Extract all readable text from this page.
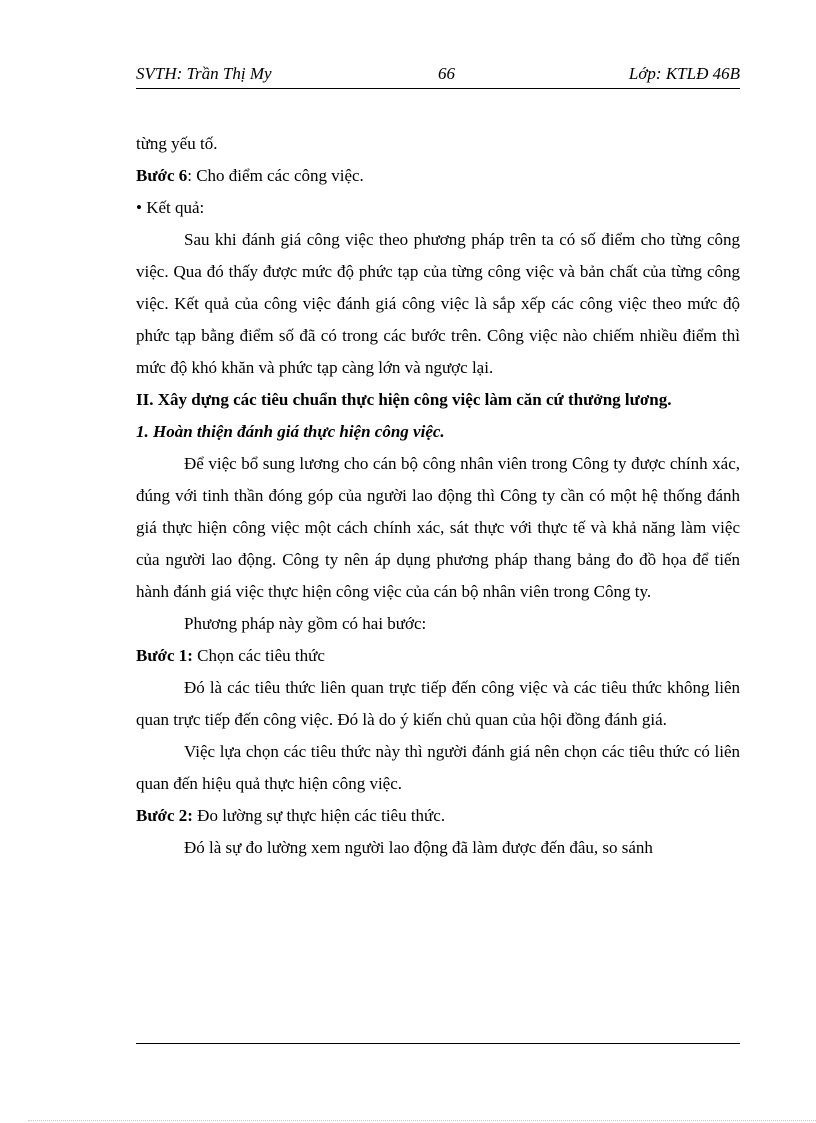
SVTH: Trần Thị My	66	Lớp: KTLĐ 46B

từng yếu tố.

Bước 6: Cho điểm các công việc.

• Kết quả:

Sau khi đánh giá công việc theo phương pháp trên ta có số điểm cho từng công việc. Qua đó thấy được mức độ phức tạp của từng công việc và bản chất của từng công việc. Kết quả của công việc đánh giá công việc là sắp xếp các công việc theo mức độ phức tạp bằng điểm số đã có trong các bước trên. Công việc nào chiếm nhiều điểm thì mức độ khó khăn và phức tạp càng lớn và ngược lại.

II. Xây dựng các tiêu chuẩn thực hiện công việc làm căn cứ thưởng lương.

1. Hoàn thiện đánh giá thực hiện công việc.

Để việc bổ sung lương cho cán bộ công nhân viên trong Công ty được chính xác, đúng với tinh thần đóng góp của người lao động thì Công ty cần có một hệ thống đánh giá thực hiện công việc một cách chính xác, sát thực với thực tế và khả năng làm việc của người lao động. Công ty nên áp dụng phương pháp thang bảng đo đồ họa để tiến hành đánh giá việc thực hiện công việc của cán bộ nhân viên trong Công ty.

Phương pháp này gồm có hai bước:

Bước 1: Chọn các tiêu thức

Đó là các tiêu thức liên quan trực tiếp đến công việc và các tiêu thức không liên quan trực tiếp đến công việc. Đó là do ý kiến chủ quan của hội đồng đánh giá.

Việc lựa chọn các tiêu thức này thì người đánh giá nên chọn các tiêu thức có liên quan đến hiệu quả thực hiện công việc.

Bước 2: Đo lường sự thực hiện các tiêu thức.

Đó là sự đo lường xem người lao động đã làm được đến đâu, so sánh
